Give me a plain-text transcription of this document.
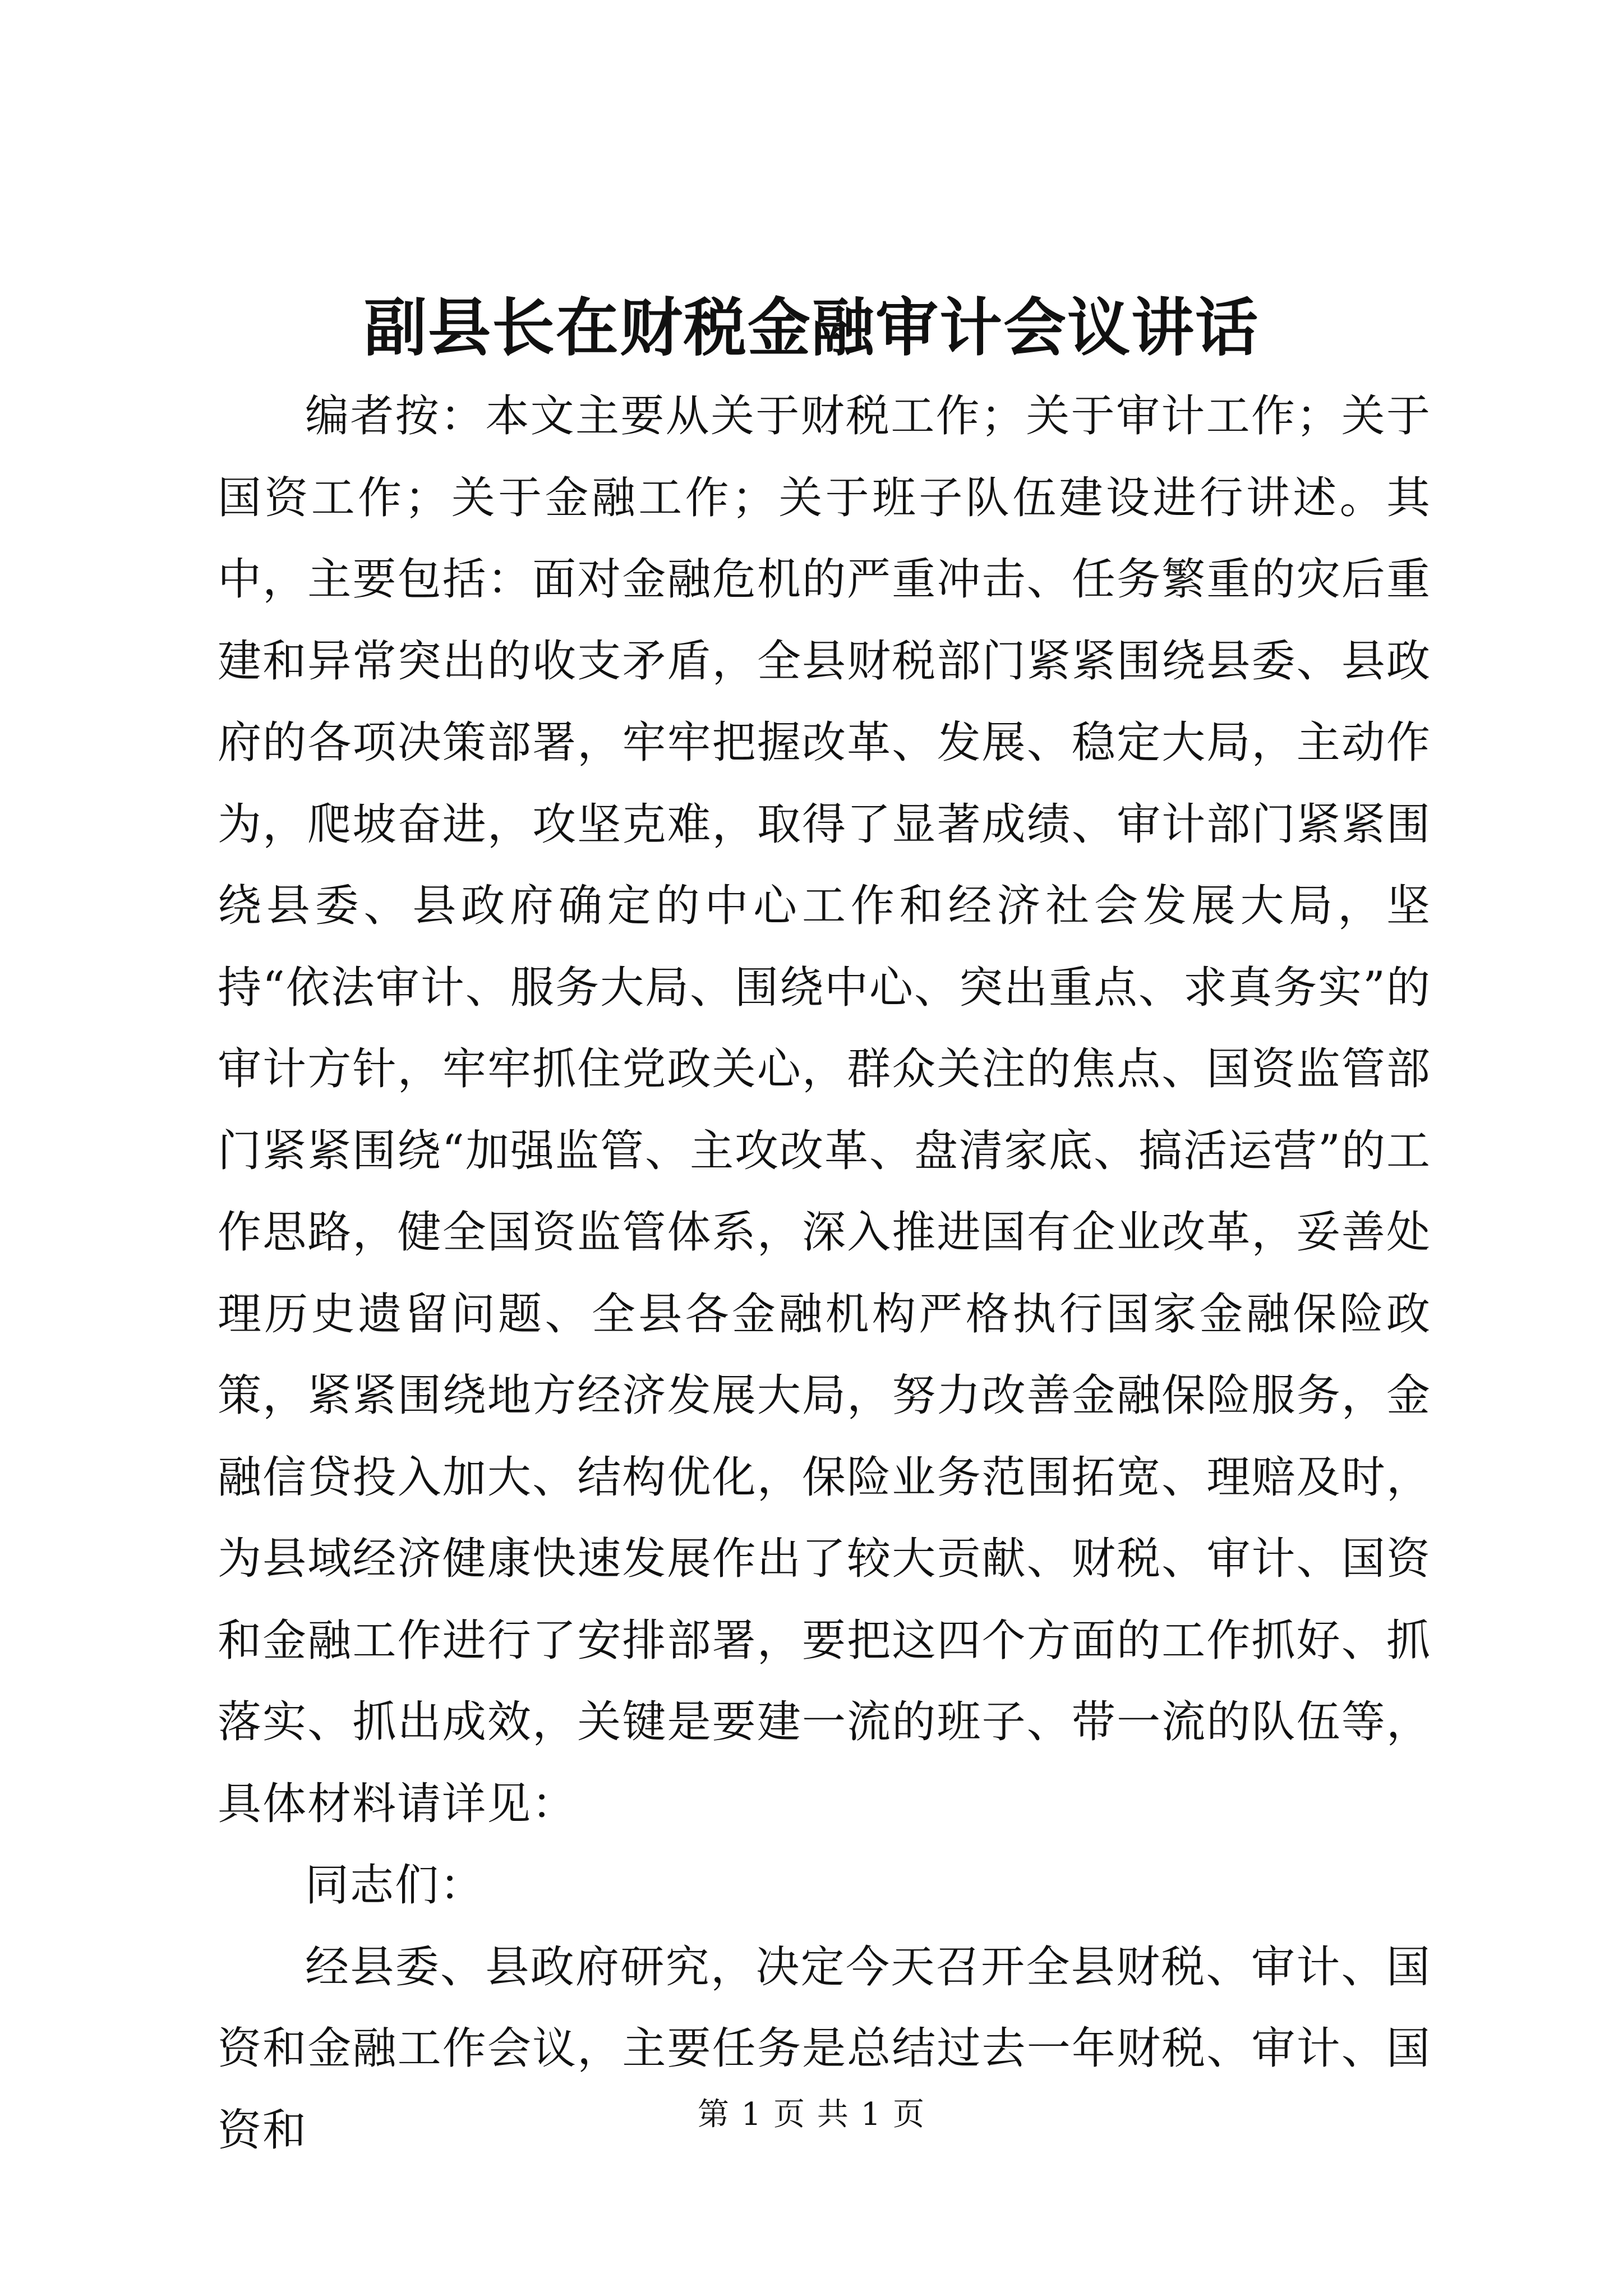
副县长在财税金融审计会议讲话

编者按：本文主要从关于财税工作；关于审计工作；关于国资工作；关于金融工作；关于班子队伍建设进行讲述。其中，主要包括：面对金融危机的严重冲击、任务繁重的灾后重建和异常突出的收支矛盾，全县财税部门紧紧围绕县委、县政府的各项决策部署，牢牢把握改革、发展、稳定大局，主动作为，爬坡奋进，攻坚克难，取得了显著成绩、审计部门紧紧围绕县委、县政府确定的中心工作和经济社会发展大局，坚持“依法审计、服务大局、围绕中心、突出重点、求真务实”的审计方针，牢牢抓住党政关心，群众关注的焦点、国资监管部门紧紧围绕“加强监管、主攻改革、盘清家底、搞活运营”的工作思路，健全国资监管体系，深入推进国有企业改革，妥善处理历史遗留问题、全县各金融机构严格执行国家金融保险政策，紧紧围绕地方经济发展大局，努力改善金融保险服务，金融信贷投入加大、结构优化，保险业务范围拓宽、理赔及时，为县域经济健康快速发展作出了较大贡献、财税、审计、国资和金融工作进行了安排部署，要把这四个方面的工作抓好、抓落实、抓出成效，关键是要建一流的班子、带一流的队伍等，具体材料请详见：

同志们：

经县委、县政府研究，决定今天召开全县财税、审计、国资和金融工作会议，主要任务是总结过去一年财税、审计、国资和	第 1 页 共 1 页
